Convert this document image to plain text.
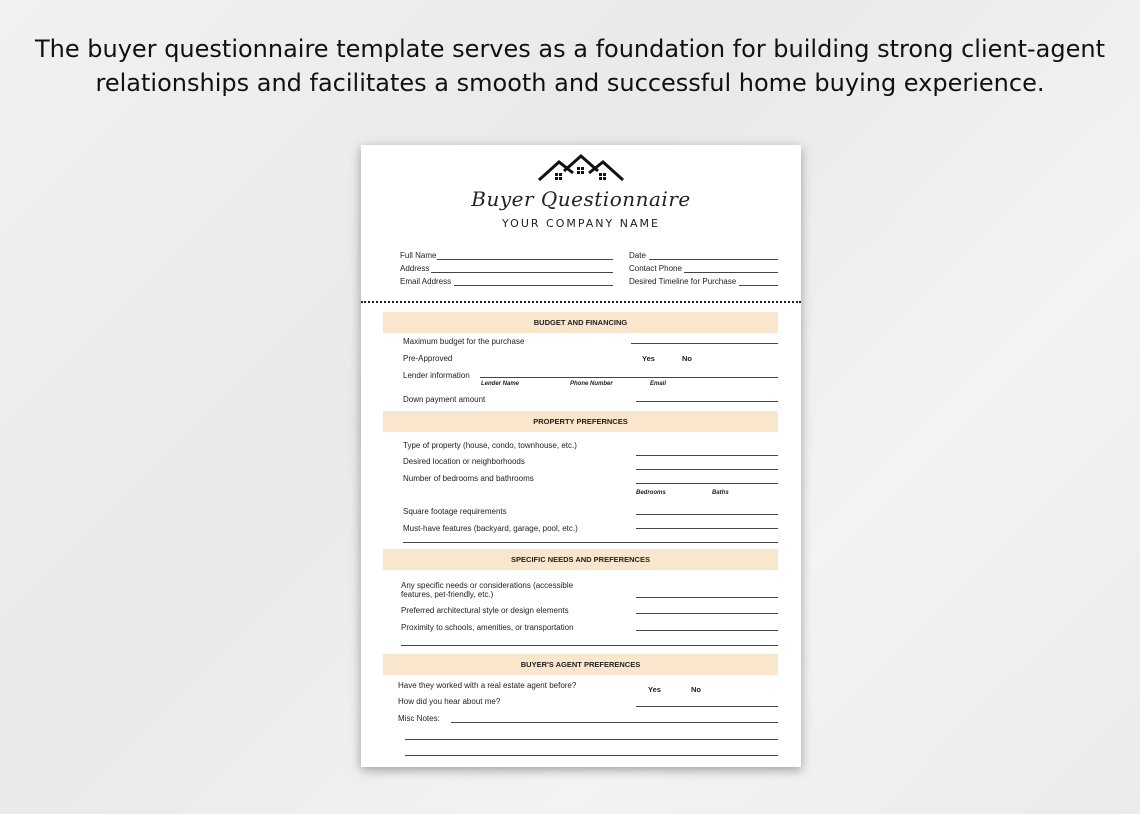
The buyer questionnaire template serves as a foundation for building strong client-agent
relationships and facilitates a smooth and successful home buying experience.
Buyer Questionnaire
YOUR COMPANY NAME
Full Name
Address
Email Address
Date
Contact Phone
Desired Timeline for Purchase
BUDGET AND FINANCING
Maximum budget for the purchase
Pre-Approved	Yes	No
Lender information
Lender Name	Phone Number	Email
Down payment amount
PROPERTY PREFERNCES
Type of property (house, condo, townhouse, etc.)
Desired location or neighborhoods
Number of bedrooms and bathrooms
Bedrooms	Baths
Square footage requirements
Must-have features (backyard, garage, pool, etc.)
SPECIFIC NEEDS AND PREFERENCES
Any specific needs or considerations (accessible
features, pet-friendly, etc.)
Preferred architectural style or design elements
Proximity to schools, amenities, or transportation
BUYER'S AGENT PREFERENCES
Have they worked with a real estate agent before?	Yes	No
How did you hear about me?
Misc Notes:
